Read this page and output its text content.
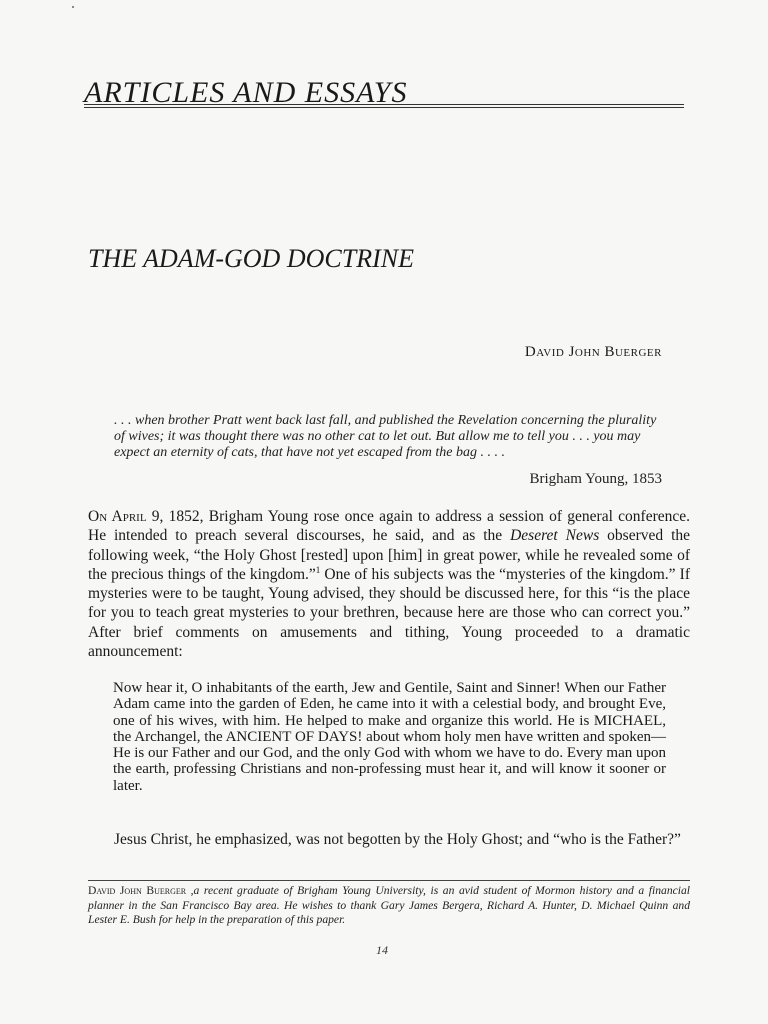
ARTICLES AND ESSAYS
THE ADAM-GOD DOCTRINE
David John Buerger
. . . when brother Pratt went back last fall, and published the Revelation concerning the plurality of wives; it was thought there was no other cat to let out. But allow me to tell you . . . you may expect an eternity of cats, that have not yet escaped from the bag . . . .
Brigham Young, 1853
On April 9, 1852, Brigham Young rose once again to address a session of general conference. He intended to preach several discourses, he said, and as the Deseret News observed the following week, “the Holy Ghost [rested] upon [him] in great power, while he revealed some of the precious things of the kingdom.”$^1$ One of his subjects was the “mysteries of the kingdom.” If mysteries were to be taught, Young advised, they should be discussed here, for this “is the place for you to teach great mysteries to your brethren, because here are those who can correct you.” After brief comments on amusements and tithing, Young proceeded to a dramatic announcement:
Now hear it, O inhabitants of the earth, Jew and Gentile, Saint and Sinner! When our Father Adam came into the garden of Eden, he came into it with a celestial body, and brought Eve, one of his wives, with him. He helped to make and organize this world. He is MICHAEL, the Archangel, the ANCIENT OF DAYS! about whom holy men have written and spoken—He is our Father and our God, and the only God with whom we have to do. Every man upon the earth, professing Christians and non-professing must hear it, and will know it sooner or later.
Jesus Christ, he emphasized, was not begotten by the Holy Ghost; and “who is the Father?”
David John Buerger ,a recent graduate of Brigham Young University, is an avid student of Mormon history and a financial planner in the San Francisco Bay area. He wishes to thank Gary James Bergera, Richard A. Hunter, D. Michael Quinn and Lester E. Bush for help in the preparation of this paper.
14
